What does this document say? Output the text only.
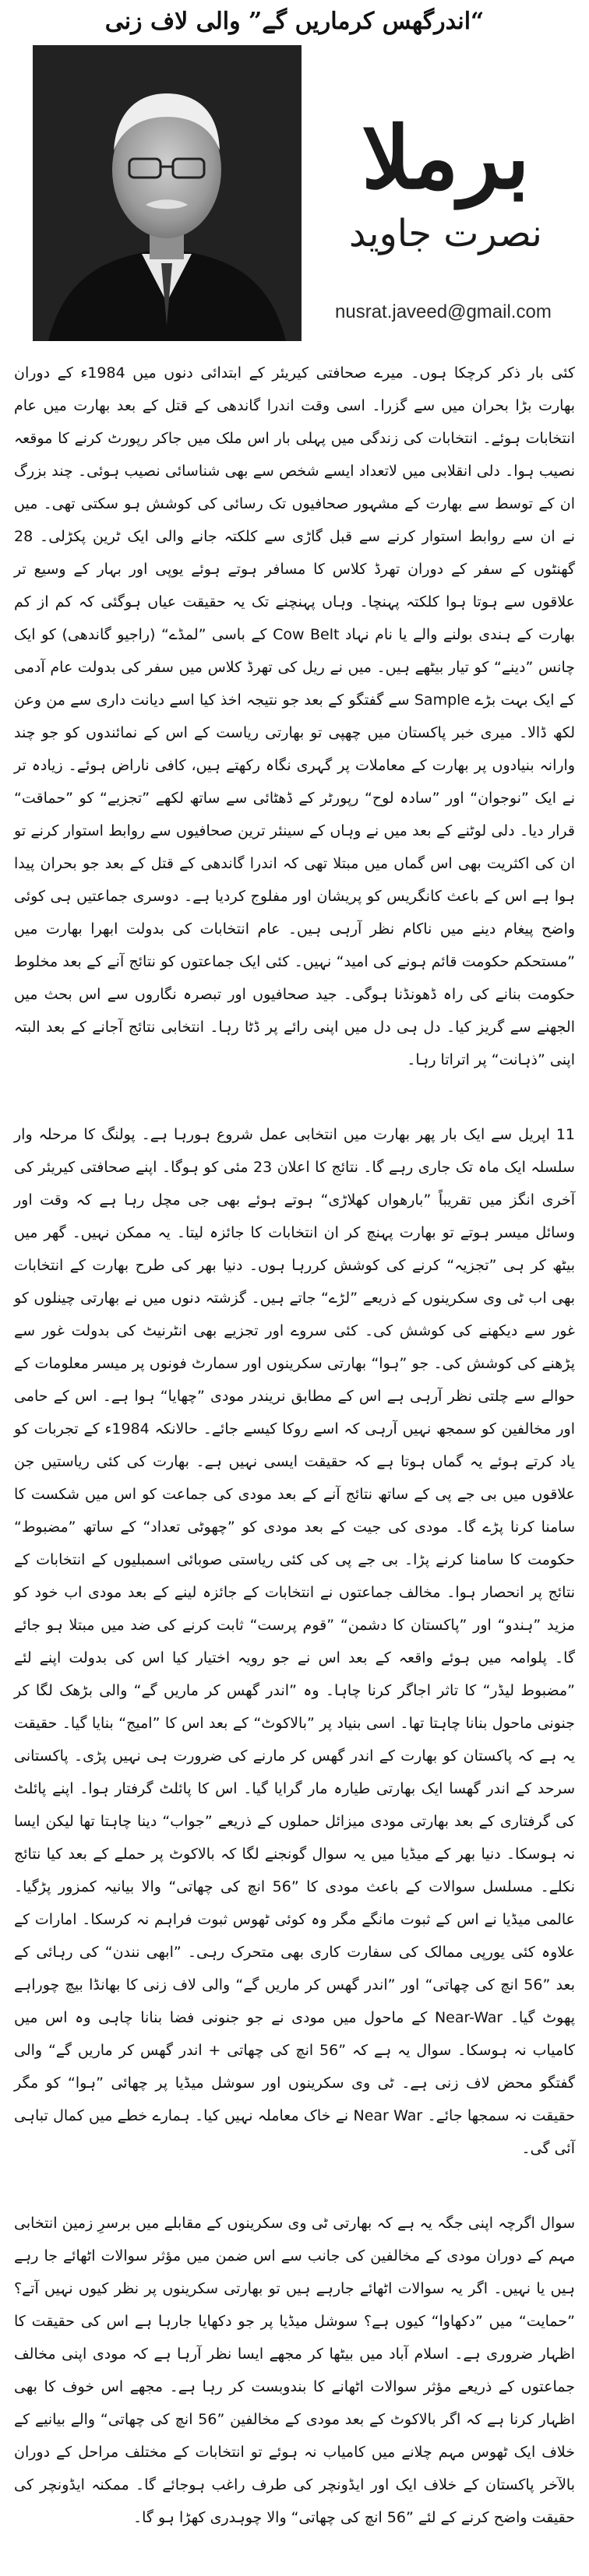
“اندرگھس کرماریں گے” والی لاف زنی
برملا
نصرت جاوید
nusrat.javeed@gmail.com

کئی بار ذکر کرچکا ہوں۔ میرے صحافتی کیریئر کے ابتدائی دنوں میں 1984ء کے دوران بھارت بڑا بحران میں سے گزرا۔ اسی وقت اندرا گاندھی کے قتل کے بعد بھارت میں عام انتخابات ہوئے۔ انتخابات کی زندگی میں پہلی بار اس ملک میں جاکر رپورٹ کرنے کا موقعہ نصیب ہوا۔ دلی انقلابی میں لاتعداد ایسے شخص سے بھی شناسائی نصیب ہوئی۔ چند بزرگ ان کے توسط سے بھارت کے مشہور صحافیوں تک رسائی کی کوشش ہو سکتی تھی۔ میں نے ان سے روابط استوار کرنے سے قبل گاڑی سے کلکتہ جانے والی ایک ٹرین پکڑلی۔ 28 گھنٹوں کے سفر کے دوران تھرڈ کلاس کا مسافر ہوتے ہوئے یوپی اور بہار کے وسیع تر علاقوں سے ہوتا ہوا کلکتہ پہنچا۔ وہاں پہنچنے تک یہ حقیقت عیاں ہوگئی کہ کم از کم بھارت کے ہندی بولنے والے یا نام نہاد Cow Belt کے باسی ”لمڈے“ (راجیو گاندھی) کو ایک چانس ”دینے“ کو تیار بیٹھے ہیں۔ میں نے ریل کی تھرڈ کلاس میں سفر کی بدولت عام آدمی کے ایک بہت بڑے Sample سے گفتگو کے بعد جو نتیجہ اخذ کیا اسے دیانت داری سے من وعن لکھ ڈالا۔ میری خبر پاکستان میں چھپی تو بھارتی ریاست کے اس کے نمائندوں کو جو چند وارانہ بنیادوں پر بھارت کے معاملات پر گہری نگاہ رکھتے ہیں، کافی ناراض ہوئے۔ زیادہ تر نے ایک ”نوجوان“ اور ”سادہ لوح“ رپورٹر کے ڈھٹائی سے ساتھ لکھے ”تجزیے“ کو ”حماقت“ قرار دیا۔ دلی لوٹنے کے بعد میں نے وہاں کے سینئر ترین صحافیوں سے روابط استوار کرنے تو ان کی اکثریت بھی اس گماں میں مبتلا تھی کہ اندرا گاندھی کے قتل کے بعد جو بحران پیدا ہوا ہے اس کے باعث کانگریس کو پریشان اور مفلوج کردیا ہے۔ دوسری جماعتیں ہی کوئی واضح پیغام دینے میں ناکام نظر آرہی ہیں۔ عام انتخابات کی بدولت ابھرا بھارت میں ”مستحکم حکومت قائم ہونے کی امید“ نہیں۔ کئی ایک جماعتوں کو نتائج آنے کے بعد مخلوط حکومت بنانے کی راہ ڈھونڈنا ہوگی۔ جید صحافیوں اور تبصرہ نگاروں سے اس بحث میں الجھنے سے گریز کیا۔ دل ہی دل میں اپنی رائے پر ڈٹا رہا۔ انتخابی نتائج آجانے کے بعد البتہ اپنی ”ذہانت“ پر اتراتا رہا۔

11 اپریل سے ایک بار پھر بھارت میں انتخابی عمل شروع ہورہا ہے۔ پولنگ کا مرحلہ وار سلسلہ ایک ماہ تک جاری رہے گا۔ نتائج کا اعلان 23 مئی کو ہوگا۔ اپنے صحافتی کیریئر کی آخری انگز میں تقریباً ”بارھواں کھلاڑی“ ہوتے ہوئے بھی جی مچل رہا ہے کہ وقت اور وسائل میسر ہوتے تو بھارت پہنچ کر ان انتخابات کا جائزہ لیتا۔ یہ ممکن نہیں۔ گھر میں بیٹھ کر ہی ”تجزیہ“ کرنے کی کوشش کررہا ہوں۔ دنیا بھر کی طرح بھارت کے انتخابات بھی اب ٹی وی سکرینوں کے ذریعے ”لڑے“ جاتے ہیں۔ گزشتہ دنوں میں نے بھارتی چینلوں کو غور سے دیکھنے کی کوشش کی۔ کئی سروے اور تجزیے بھی انٹرنیٹ کی بدولت غور سے پڑھنے کی کوشش کی۔ جو ”ہوا“ بھارتی سکرینوں اور سمارٹ فونوں پر میسر معلومات کے حوالے سے چلتی نظر آرہی ہے اس کے مطابق نریندر مودی ”چھایا“ ہوا ہے۔ اس کے حامی اور مخالفین کو سمجھ نہیں آرہی کہ اسے روکا کیسے جائے۔ حالانکہ 1984ء کے تجربات کو یاد کرتے ہوئے یہ گماں ہوتا ہے کہ حقیقت ایسی نہیں ہے۔ بھارت کی کئی ریاستیں جن علاقوں میں بی جے پی کے ساتھ نتائج آنے کے بعد مودی کی جماعت کو اس میں شکست کا سامنا کرنا پڑے گا۔ مودی کی جیت کے بعد مودی کو ”چھوٹی تعداد“ کے ساتھ ”مضبوط“ حکومت کا سامنا کرنے پڑا۔ بی جے پی کی کئی ریاستی صوبائی اسمبلیوں کے انتخابات کے نتائج پر انحصار ہوا۔ مخالف جماعتوں نے انتخابات کے جائزہ لینے کے بعد مودی اب خود کو مزید ”ہندو“ اور ”پاکستان کا دشمن“ ”قوم پرست“ ثابت کرنے کی ضد میں مبتلا ہو جائے گا۔ پلوامہ میں ہوئے واقعہ کے بعد اس نے جو رویہ اختیار کیا اس کی بدولت اپنے لئے ”مضبوط لیڈر“ کا تاثر اجاگر کرنا چاہا۔ وہ ”اندر گھس کر ماریں گے“ والی بڑھک لگا کر جنونی ماحول بنانا چاہتا تھا۔ اسی بنیاد پر ”بالاکوٹ“ کے بعد اس کا ”امیج“ بنایا گیا۔ حقیقت یہ ہے کہ پاکستان کو بھارت کے اندر گھس کر مارنے کی ضرورت ہی نہیں پڑی۔ پاکستانی سرحد کے اندر گھسا ایک بھارتی طیارہ مار گرایا گیا۔ اس کا پائلٹ گرفتار ہوا۔ اپنے پائلٹ کی گرفتاری کے بعد بھارتی مودی میزائل حملوں کے ذریعے ”جواب“ دینا چاہتا تھا لیکن ایسا نہ ہوسکا۔ دنیا بھر کے میڈیا میں یہ سوال گونجنے لگا کہ بالاکوٹ پر حملے کے بعد کیا نتائج نکلے۔ مسلسل سوالات کے باعث مودی کا ”56 انچ کی چھاتی“ والا بیانیہ کمزور پڑگیا۔ عالمی میڈیا نے اس کے ثبوت مانگے مگر وہ کوئی ٹھوس ثبوت فراہم نہ کرسکا۔ امارات کے علاوہ کئی یورپی ممالک کی سفارت کاری بھی متحرک رہی۔ ”ابھی نندن“ کی رہائی کے بعد ”56 انچ کی چھاتی“ اور ”اندر گھس کر ماریں گے“ والی لاف زنی کا بھانڈا بیچ چوراہے پھوٹ گیا۔ Near-War کے ماحول میں مودی نے جو جنونی فضا بنانا چاہی وہ اس میں کامیاب نہ ہوسکا۔ سوال یہ ہے کہ ”56 انچ کی چھاتی + اندر گھس کر ماریں گے“ والی گفتگو محض لاف زنی ہے۔ ٹی وی سکرینوں اور سوشل میڈیا پر چھائی ”ہوا“ کو مگر حقیقت نہ سمجھا جائے۔ Near War نے خاک معاملہ نہیں کیا۔ ہمارے خطے میں کمال تباہی آئی گی۔

سوال اگرچہ اپنی جگہ یہ ہے کہ بھارتی ٹی وی سکرینوں کے مقابلے میں برسرِ زمین انتخابی مہم کے دوران مودی کے مخالفین کی جانب سے اس ضمن میں مؤثر سوالات اٹھائے جا رہے ہیں یا نہیں۔ اگر یہ سوالات اٹھائے جارہے ہیں تو بھارتی سکرینوں پر نظر کیوں نہیں آتے؟ ”حمایت“ میں ”دکھاوا“ کیوں ہے؟ سوشل میڈیا پر جو دکھایا جارہا ہے اس کی حقیقت کا اظہار ضروری ہے۔ اسلام آباد میں بیٹھا کر مجھے ایسا نظر آرہا ہے کہ مودی اپنی مخالف جماعتوں کے ذریعے مؤثر سوالات اٹھانے کا بندوبست کر رہا ہے۔ مجھے اس خوف کا بھی اظہار کرنا ہے کہ اگر بالاکوٹ کے بعد مودی کے مخالفین ”56 انچ کی چھاتی“ والے بیانیے کے خلاف ایک ٹھوس مہم چلانے میں کامیاب نہ ہوئے تو انتخابات کے مختلف مراحل کے دوران بالآخر پاکستان کے خلاف ایک اور ایڈونچر کی طرف راغب ہوجائے گا۔ ممکنہ ایڈونچر کی حقیقت واضح کرنے کے لئے ”56 انچ کی چھاتی“ والا چوہدری کھڑا ہو گا۔
